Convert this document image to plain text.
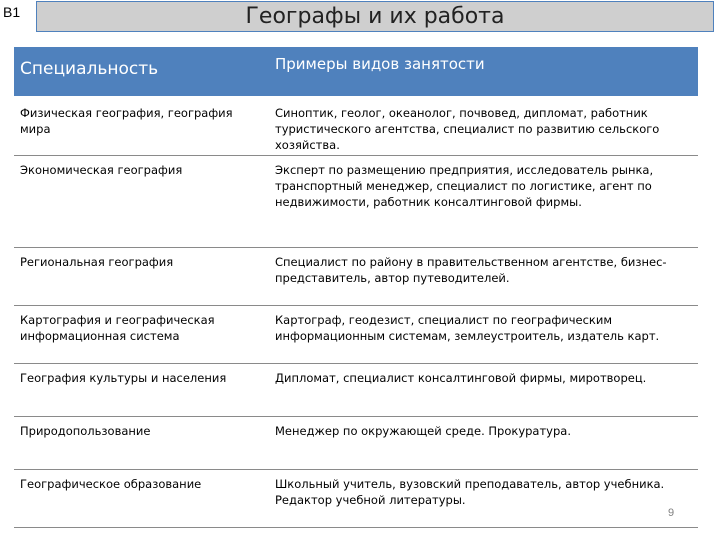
B1	Географы и их работа
Специальность	Примеры видов занятости
Физическая география, география мира	Синоптик, геолог, океанолог, почвовед, дипломат, работник туристического агентства, специалист по развитию сельского хозяйства.
Экономическая география	Эксперт по размещению предприятия, исследователь рынка, транспортный менеджер, специалист по логистике, агент по недвижимости, работник консалтинговой фирмы.
Региональная география	Специалист по району в правительственном агентстве, бизнес-представитель, автор путеводителей.
Картография и географическая информационная система	Картограф, геодезист, специалист по географическим информационным системам, землеустроитель, издатель карт.
География культуры и населения	Дипломат, специалист консалтинговой фирмы, миротворец.
Природопользование	Менеджер по окружающей среде. Прокуратура.
Географическое образование	Школьный учитель, вузовский преподаватель, автор учебника. Редактор учебной литературы.
9
